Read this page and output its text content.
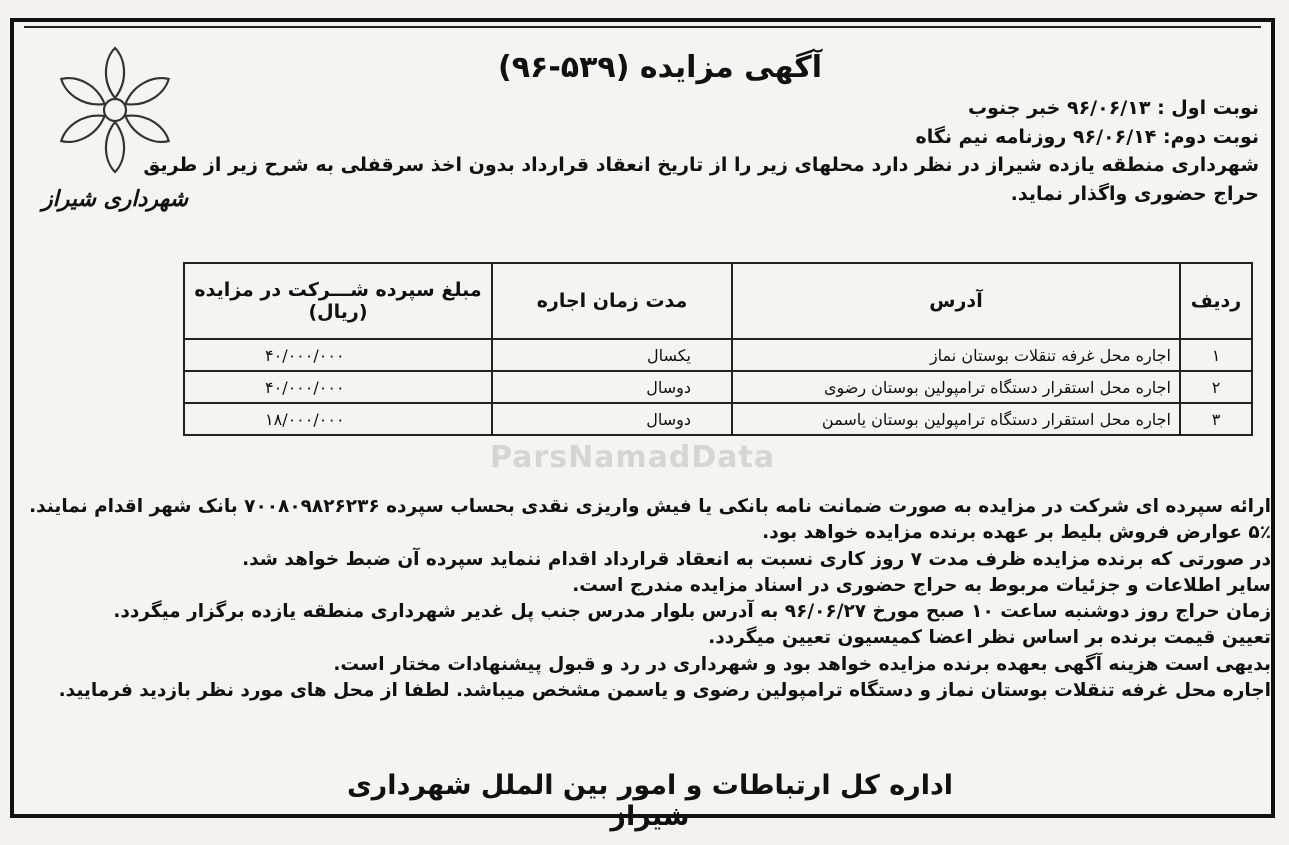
شهرداری شیراز
آگهی مزایده (۵۳۹-۹۶)
نوبت اول : ۹۶/۰۶/۱۳ خبر جنوب
نوبت دوم: ۹۶/۰۶/۱۴ روزنامه نیم نگاه
شهرداری منطقه یازده شیراز در نظر دارد محلهای زیر را از تاریخ انعقاد قرارداد بدون اخذ سرقفلی به شرح زیر از طریق
حراج حضوری واگذار نماید.
ردیف	آدرس	مدت زمان اجاره	مبلغ سپرده شـــرکت در مزایده
(ریال)

۱	اجاره محل غرفه تنقلات بوستان نماز	یکسال	۴۰/۰۰۰/۰۰۰
۲	اجاره محل استقرار دستگاه ترامپولین بوستان رضوی	دوسال	۴۰/۰۰۰/۰۰۰
۳	اجاره محل استقرار دستگاه ترامپولین بوستان یاسمن	دوسال	۱۸/۰۰۰/۰۰۰
ParsNamadData
ارائه سپرده ای شرکت در مزایده به صورت ضمانت نامه بانکی یا فیش واریزی نقدی بحساب سپرده ۷۰۰۸۰۹۸۲۶۲۳۶ بانک شهر اقدام نمایند.
۵٪ عوارض فروش بلیط بر عهده برنده مزایده خواهد بود.
در صورتی که برنده مزایده ظرف مدت ۷ روز کاری نسبت به انعقاد قرارداد اقدام ننماید سپرده آن ضبط خواهد شد.
سایر اطلاعات و جزئیات مربوط به حراج حضوری در اسناد مزایده مندرج است.
زمان حراج روز دوشنبه ساعت ۱۰ صبح مورخ ۹۶/۰۶/۲۷ به آدرس بلوار مدرس جنب پل غدیر شهرداری منطقه یازده برگزار میگردد.
تعیین قیمت برنده بر اساس نظر اعضا کمیسیون تعیین میگردد.
بدیهی است هزینه آگهی بعهده برنده مزایده خواهد بود و شهرداری در رد و قبول پیشنهادات مختار است.
اجاره محل غرفه تنقلات بوستان نماز و دستگاه ترامپولین رضوی و یاسمن مشخص میباشد. لطفا از محل های مورد نظر بازدید فرمایید.
اداره کل ارتباطات و امور بین الملل شهرداری شیراز
